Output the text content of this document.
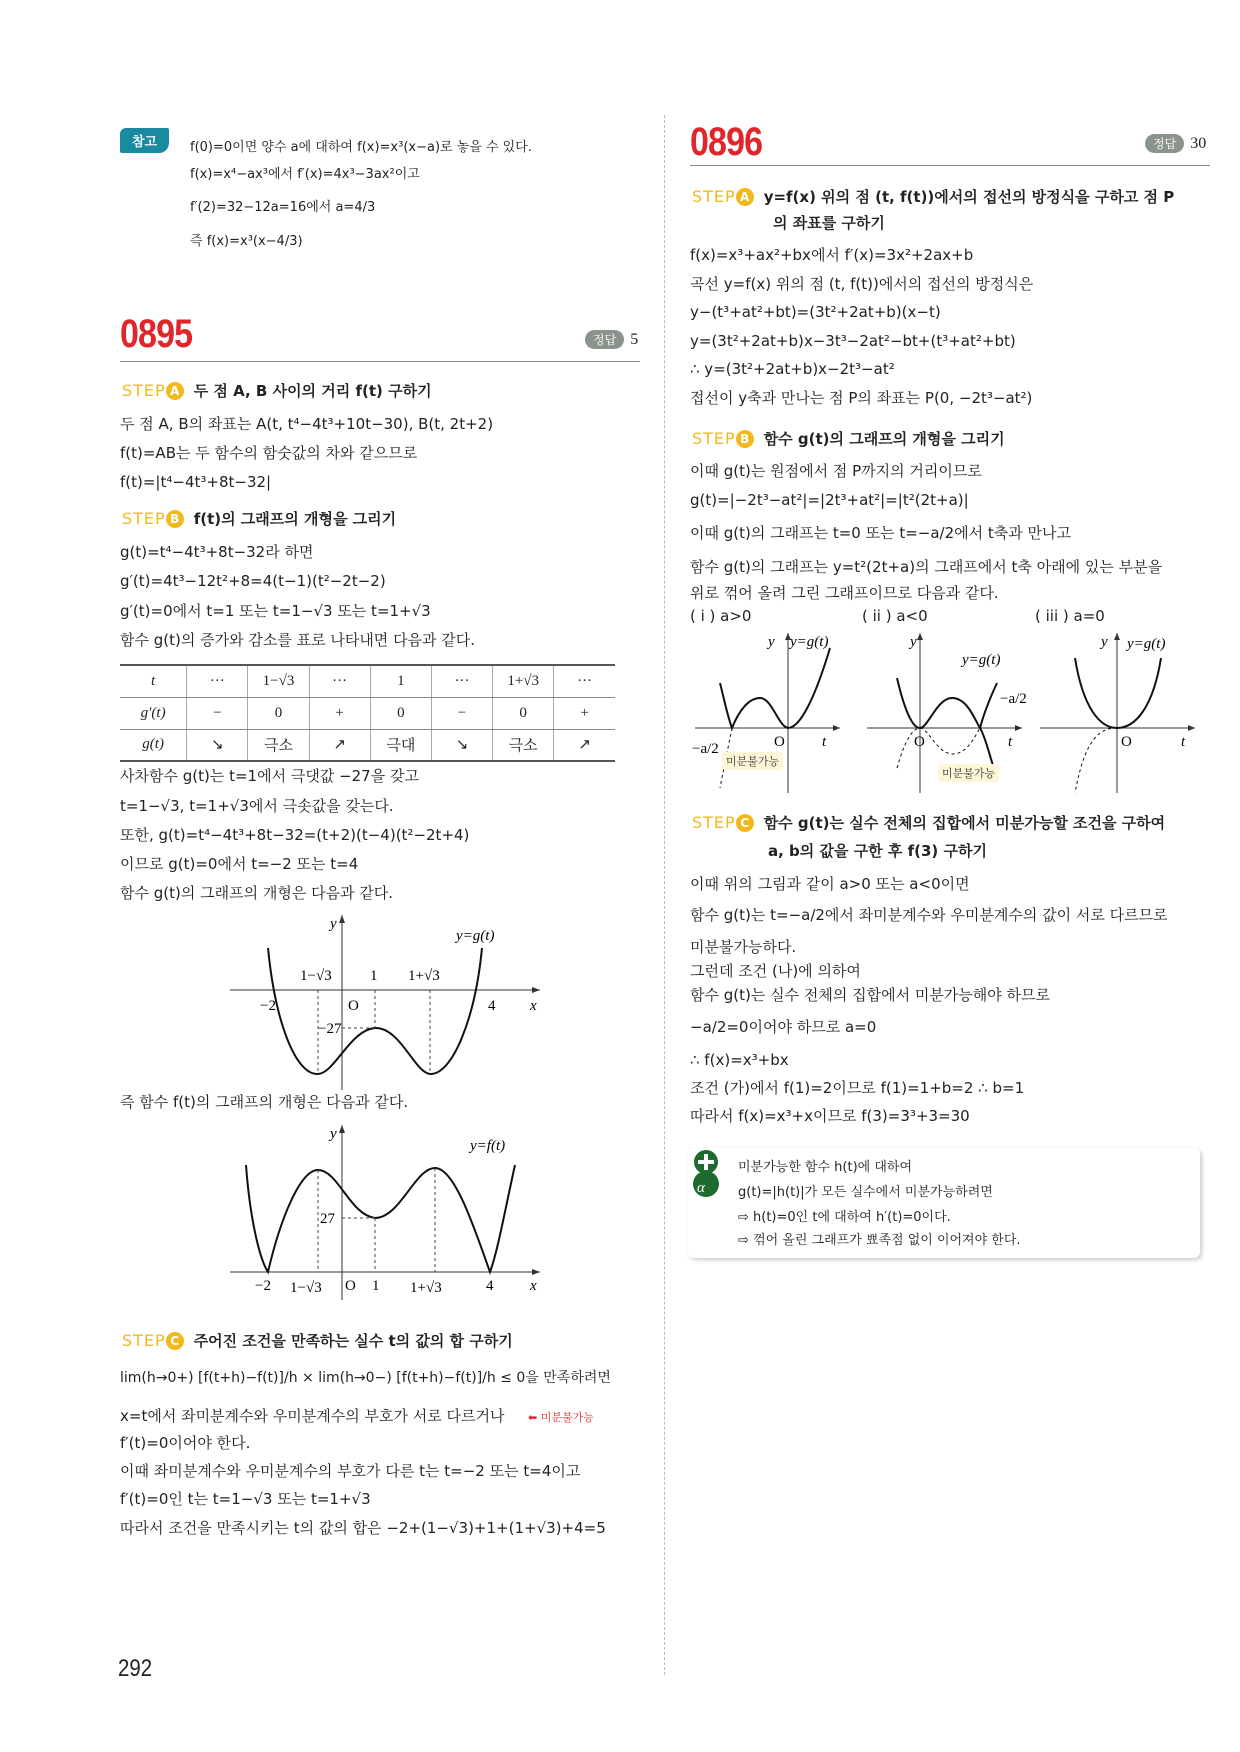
참고	f(0)=0이면 양수 a에 대하여 f(x)=x³(x−a)로 놓을 수 있다.
f(x)=x⁴−ax³에서 f′(x)=4x³−3ax²이고
f′(2)=32−12a=16에서 a=4/3
즉 f(x)=x³(x−4/3)
0895	정답 5
STEP A 두 점 A, B 사이의 거리 f(t) 구하기
두 점 A, B의 좌표는 A(t, t⁴−4t³+10t−30), B(t, 2t+2)
f(t)=AB는 두 함수의 함숫값의 차와 같으므로
f(t)=|t⁴−4t³+8t−32|
STEP B f(t)의 그래프의 개형을 그리기
g(t)=t⁴−4t³+8t−32라 하면
g′(t)=4t³−12t²+8=4(t−1)(t²−2t−2)
g′(t)=0에서 t=1 또는 t=1−√3 또는 t=1+√3
함수 g(t)의 증가와 감소를 표로 나타내면 다음과 같다.
t	···	1−√3	···	1	···	1+√3	···
g′(t)	−	0	+	0	−	0	+
g(t)	↘	극소	↗	극대	↘	극소	↗
사차함수 g(t)는 t=1에서 극댓값 −27을 갖고
t=1−√3, t=1+√3에서 극솟값을 갖는다.
또한, g(t)=t⁴−4t³+8t−32=(t+2)(t−4)(t²−2t+4)
이므로 g(t)=0에서 t=−2 또는 t=4
함수 g(t)의 그래프의 개형은 다음과 같다.
y
x
y=g(t)
O
−2
1−√3	1 1+√3
4
−27
즉 함수 f(t)의 그래프의 개형은 다음과 같다.
y
x
y=f(t)
O
−2 1−√3	1 1+√3	4
27
STEP C 주어진 조건을 만족하는 실수 t의 값의 합 구하기
lim(h→0+) [f(t+h)−f(t)]/h × lim(h→0−) [f(t+h)−f(t)]/h ≤ 0을 만족하려면
x=t에서 좌미분계수와 우미분계수의 부호가 서로 다르거나 ⬅ 미분불가능
f′(t)=0이어야 한다.
이때 좌미분계수와 우미분계수의 부호가 다른 t는 t=−2 또는 t=4이고
f′(t)=0인 t는 t=1−√3 또는 t=1+√3
따라서 조건을 만족시키는 t의 값의 합은 −2+(1−√3)+1+(1+√3)+4=5
0896	정답 30
STEP A y=f(x) 위의 점 (t, f(t))에서의 접선의 방정식을 구하고 점 P
의 좌표를 구하기
f(x)=x³+ax²+bx에서 f′(x)=3x²+2ax+b
곡선 y=f(x) 위의 점 (t, f(t))에서의 접선의 방정식은
y−(t³+at²+bt)=(3t²+2at+b)(x−t)
y=(3t²+2at+b)x−3t³−2at²−bt+(t³+at²+bt)
∴ y=(3t²+2at+b)x−2t³−at²
접선이 y축과 만나는 점 P의 좌표는 P(0, −2t³−at²)
STEP B 함수 g(t)의 그래프의 개형을 그리기
이때 g(t)는 원점에서 점 P까지의 거리이므로
g(t)=|−2t³−at²|=|2t³+at²|=|t²(2t+a)|
이때 g(t)의 그래프는 t=0 또는 t=−a/2에서 t축과 만나고
함수 g(t)의 그래프는 y=t²(2t+a)의 그래프에서 t축 아래에 있는 부분을
위로 꺾어 올려 그린 그래프이므로 다음과 같다.
( i ) a>0	( ii ) a<0	( iii ) a=0
y y=g(t)
O t
−a/2
미분불가능
y
y=g(t)
O	t
−a/2
미분불가능
y y=g(t)
O	t
STEP C 함수 g(t)는 실수 전체의 집합에서 미분가능할 조건을 구하여
a, b의 값을 구한 후 f(3) 구하기
이때 위의 그림과 같이 a>0 또는 a<0이면
함수 g(t)는 t=−a/2에서 좌미분계수와 우미분계수의 값이 서로 다르므로
미분불가능하다.
그런데 조건 (나)에 의하여
함수 g(t)는 실수 전체의 집합에서 미분가능해야 하므로
−a/2=0이어야 하므로 a=0
∴ f(x)=x³+bx
조건 (가)에서 f(1)=2이므로 f(1)=1+b=2 ∴ b=1
따라서 f(x)=x³+x이므로 f(3)=3³+3=30
α
미분가능한 함수 h(t)에 대하여
g(t)=|h(t)|가 모든 실수에서 미분가능하려면
⇨ h(t)=0인 t에 대하여 h′(t)=0이다.
⇨ 꺾어 올린 그래프가 뾰족점 없이 이어져야 한다.
292
